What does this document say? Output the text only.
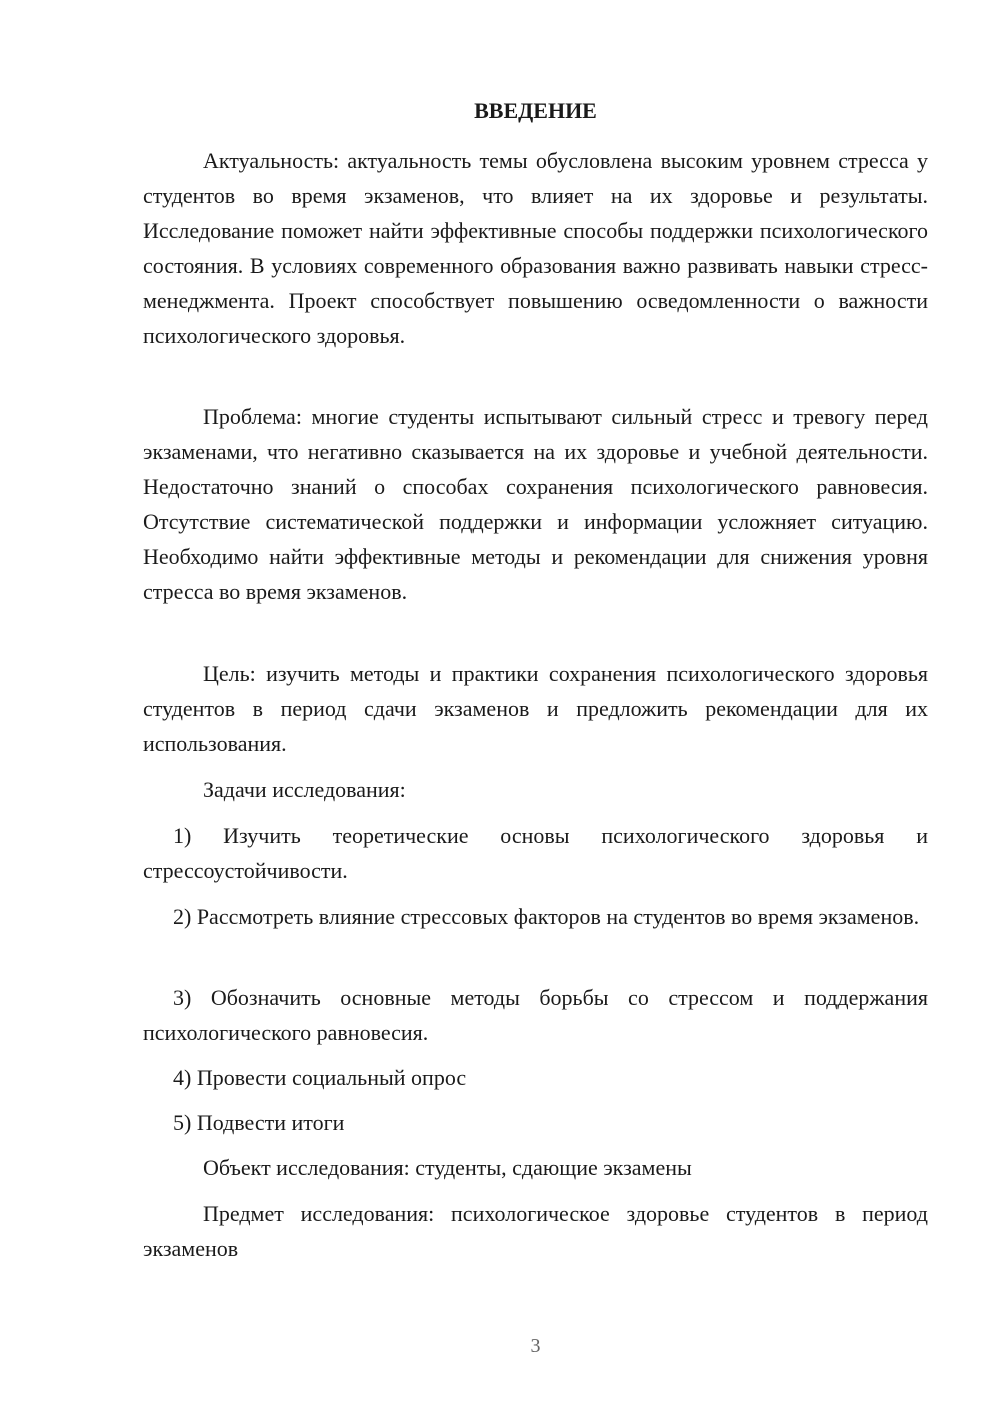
ВВЕДЕНИЕ

Актуальность: актуальность темы обусловлена высоким уровнем стресса у студентов во время экзаменов, что влияет на их здоровье и результаты. Исследование поможет найти эффективные способы поддержки психологического состояния. В условиях современного образования важно развивать навыки стресс-менеджмента. Проект способствует повышению осведомленности о важности психологического здоровья.

Проблема: многие студенты испытывают сильный стресс и тревогу перед экзаменами, что негативно сказывается на их здоровье и учебной деятельности. Недостаточно знаний о способах сохранения психологического равновесия. Отсутствие систематической поддержки и информации усложняет ситуацию. Необходимо найти эффективные методы и рекомендации для снижения уровня стресса во время экзаменов.

Цель: изучить методы и практики сохранения психологического здоровья студентов в период сдачи экзаменов и предложить рекомендации для их использования.

Задачи исследования:

1) Изучить теоретические основы психологического здоровья и стрессоустойчивости.

2) Рассмотреть влияние стрессовых факторов на студентов во время экзаменов.

3) Обозначить основные методы борьбы со стрессом и поддержания психологического равновесия.

4) Провести социальный опрос

5) Подвести итоги

Объект исследования: студенты, сдающие экзамены

Предмет исследования: психологическое здоровье студентов в период экзаменов

3
